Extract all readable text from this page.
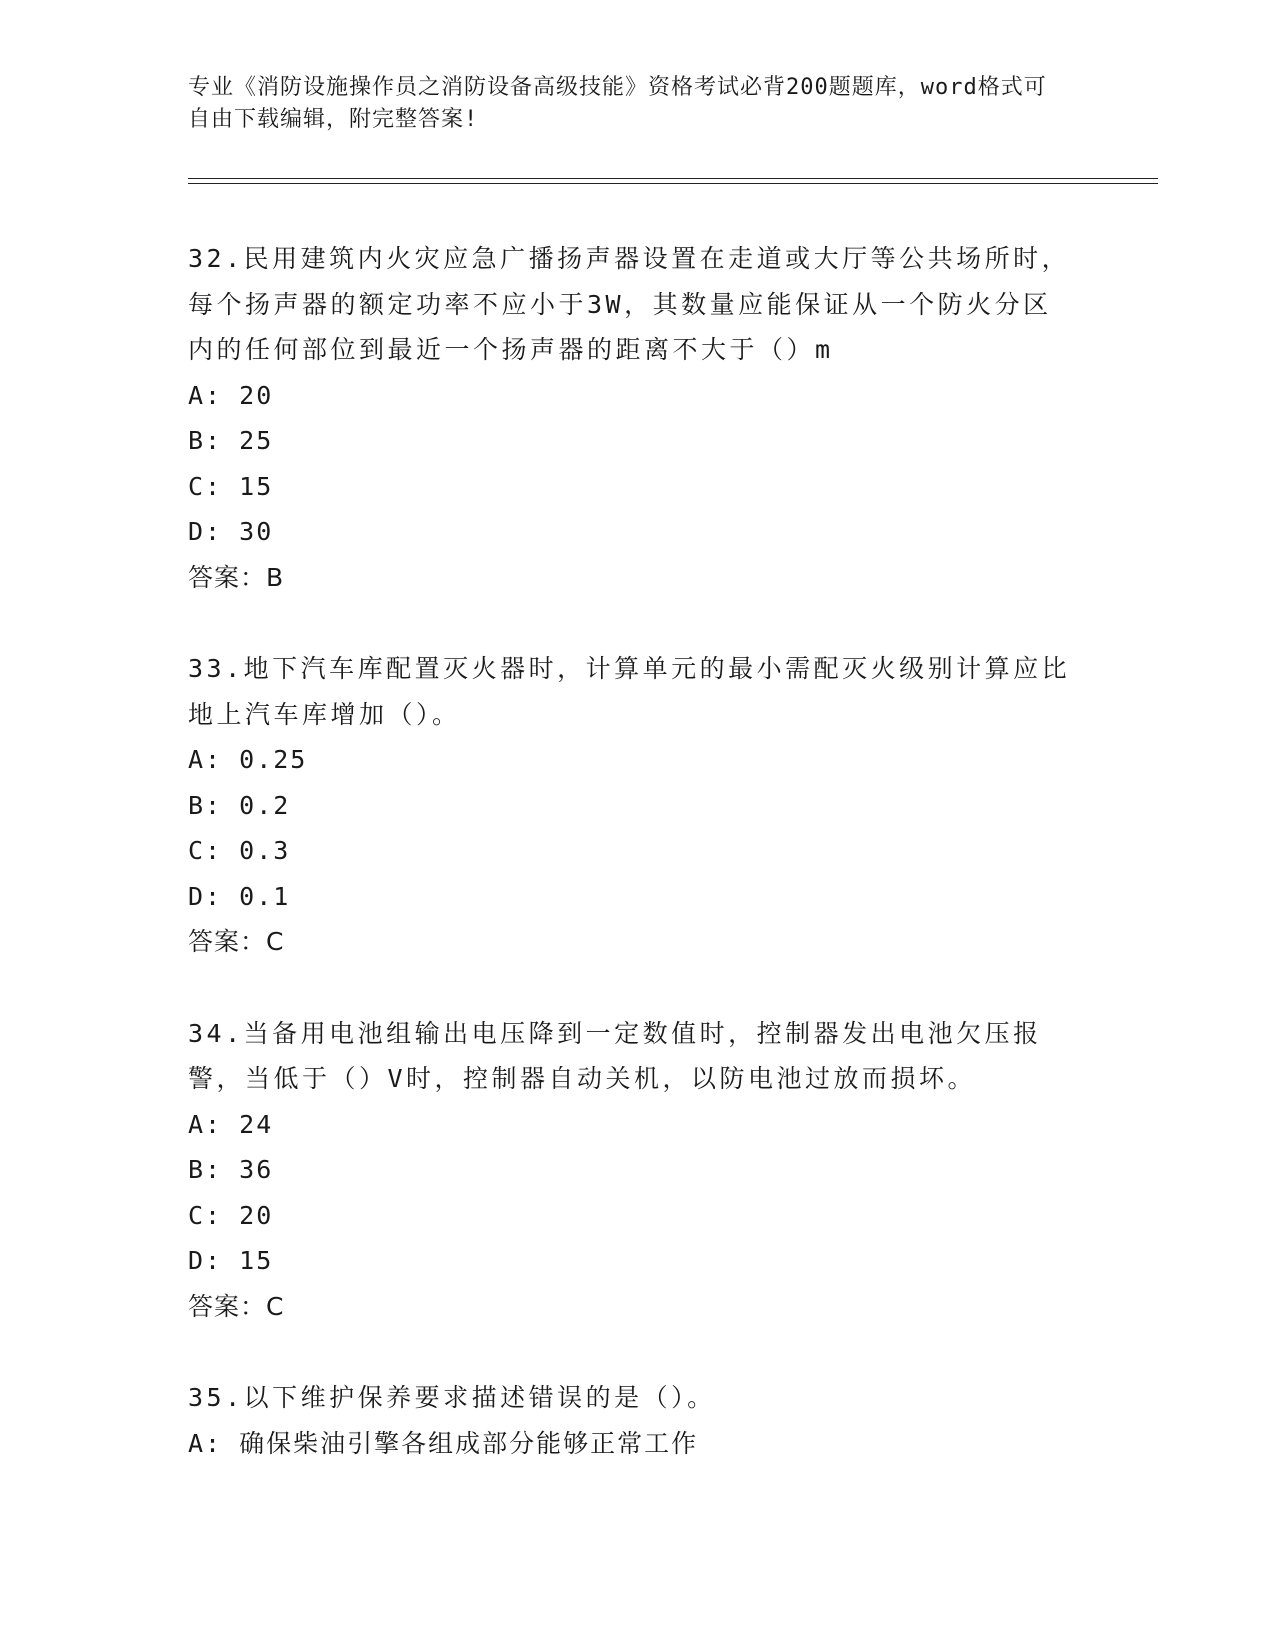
专业《消防设施操作员之消防设备高级技能》资格考试必背200题题库，word格式可自由下载编辑，附完整答案!

32.民用建筑内火灾应急广播扬声器设置在走道或大厅等公共场所时，每个扬声器的额定功率不应小于3W，其数量应能保证从一个防火分区内的任何部位到最近一个扬声器的距离不大于（）m

A: 20

B: 25

C: 15

D: 30

答案：B

33.地下汽车库配置灭火器时，计算单元的最小需配灭火级别计算应比地上汽车库增加（）。

A: 0.25

B: 0.2

C: 0.3

D: 0.1

答案：C

34.当备用电池组输出电压降到一定数值时，控制器发出电池欠压报警，当低于（）V时，控制器自动关机，以防电池过放而损坏。

A: 24

B: 36

C: 20

D: 15

答案：C

35.以下维护保养要求描述错误的是（）。

A: 确保柴油引擎各组成部分能够正常工作
